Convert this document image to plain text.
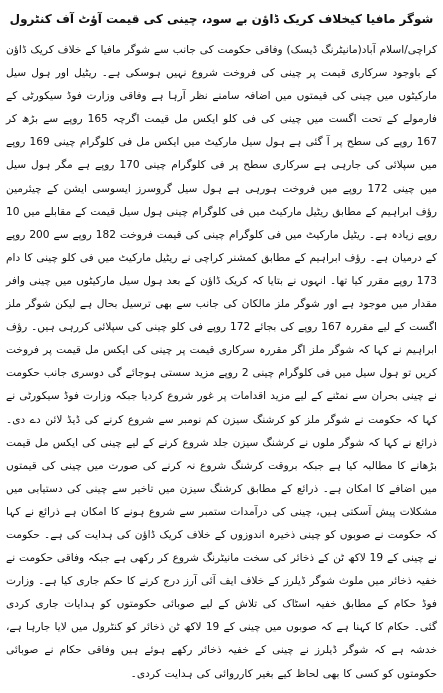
شوگر مافیا کیخلاف کریک ڈاؤن بے سود، چینی کی قیمت آؤٹ آف کنٹرول

کراچی/اسلام آباد(مانیٹرنگ ڈیسک) وفاقی حکومت کی جانب سے شوگر مافیا کے خلاف کریک ڈاؤن کے باوجود سرکاری قیمت پر چینی کی فروخت شروع نہیں ہوسکی ہے۔ ریٹیل اور ہول سیل مارکیٹوں میں چینی کی قیمتوں میں اضافہ سامنے نظر آرہا ہے وفاقی وزارت فوڈ سیکورٹی کے فارمولے کے تحت اگست میں چینی کی فی کلو ایکس مل قیمت اگرچہ 165 روپے سے بڑھ کر 167 روپے کی سطح پر آ گئی ہے ہول سیل مارکیٹ میں ایکس مل فی کلوگرام چینی 169 روپے میں سپلائی کی جارہی ہے سرکاری سطح پر فی کلوگرام چینی 170 روپے ہے مگر ہول سیل میں چینی 172 روپے میں فروخت ہورہی ہے ہول سیل گروسرز ایسوسی ایشن کے چیئرمین رؤف ابراہیم کے مطابق ریٹیل مارکیٹ میں فی کلوگرام چینی ہول سیل قیمت کے مقابلے میں 10 روپے زیادہ ہے۔ ریٹیل مارکیٹ میں فی کلوگرام چینی کی قیمت فروخت 182 روپے سے 200 روپے کے درمیان ہے۔ رؤف ابراہیم کے مطابق کمشنر کراچی نے ریٹیل مارکیٹ میں فی کلو چینی کا دام 173 روپے مقرر کیا تھا۔ انہوں نے بتایا کہ کریک ڈاؤن کے بعد ہول سیل مارکیٹوں میں چینی وافر مقدار میں موجود ہے اور شوگر ملز مالکان کی جانب سے بھی ترسیل بحال ہے لیکن شوگر ملز اگست کے لیے مقررہ 167 روپے کی بجائے 172 روپے فی کلو چینی کی سپلائی کررہی ہیں۔ رؤف ابراہیم نے کہا کہ شوگر ملز اگر مقررہ سرکاری قیمت پر چینی کی ایکس مل قیمت پر فروخت کریں تو ہول سیل میں فی کلوگرام چینی 2 روپے مزید سستی ہوجائے گی دوسری جانب حکومت نے چینی بحران سے نمٹنے کے لیے مزید اقدامات پر غور شروع کردیا جبکہ وزارت فوڈ سیکورٹی نے کہا کہ حکومت نے شوگر ملز کو کرشنگ سیزن کم نومبر سے شروع کرنے کی ڈیڈ لائن دے دی۔ ذرائع نے کہا کہ شوگر ملوں نے کرشنگ سیزن جلد شروع کرنے کے لیے چینی کی ایکس مل قیمت بڑھانے کا مطالبہ کیا ہے جبکہ بروقت کرشنگ شروع نہ کرنے کی صورت میں چینی کی قیمتوں میں اضافے کا امکان ہے۔ ذرائع کے مطابق کرشنگ سیزن میں تاخیر سے چینی کی دستیابی میں مشکلات پیش آسکتی ہیں، چینی کی درآمدات ستمبر سے شروع ہونے کا امکان ہے ذرائع نے کہا کہ حکومت نے صوبوں کو چینی ذخیرہ اندوزوں کے خلاف کریک ڈاؤن کی ہدایت کی ہے۔ حکومت نے چینی کے 19 لاکھ ٹن کے ذخائر کی سخت مانیٹرنگ شروع کر رکھی ہے جبکہ وفاقی حکومت نے خفیہ ذخائر میں ملوث شوگر ڈیلرز کے خلاف ایف آئی آرز درج کرنے کا حکم جاری کیا ہے۔ وزارت فوڈ حکام کے مطابق خفیہ اسٹاک کی تلاش کے لیے صوبائی حکومتوں کو ہدایات جاری کردی گئی۔ حکام کا کہنا ہے کہ صوبوں میں چینی کے 19 لاکھ ٹن ذخائر کو کنٹرول میں لایا جارہا ہے، خدشہ ہے کہ شوگر ڈیلرز نے چینی کے خفیہ ذخائر رکھے ہوئے ہیں وفاقی حکام نے صوبائی حکومتوں کو کسی کا بھی لحاظ کیے بغیر کارروائی کی ہدایت کردی۔
